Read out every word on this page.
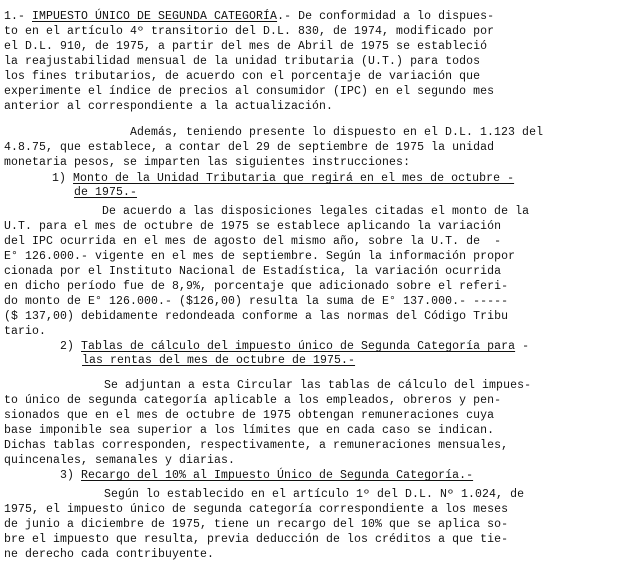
1.- IMPUESTO ÚNICO DE SEGUNDA CATEGORÍA.- De conformidad a lo dispues-
to en el artículo 4º transitorio del D.L. 830, de 1974, modificado por
el D.L. 910, de 1975, a partir del mes de Abril de 1975 se estableció
la reajustabilidad mensual de la unidad tributaria (U.T.) para todos
los fines tributarios, de acuerdo con el porcentaje de variación que
experimente el índice de precios al consumidor (IPC) en el segundo mes
anterior al correspondiente a la actualización.
Además, teniendo presente lo dispuesto en el D.L. 1.123 del
4.8.75, que establece, a contar del 29 de septiembre de 1975 la unidad
monetaria pesos, se imparten las siguientes instrucciones:
1) Monto de la Unidad Tributaria que regirá en el mes de octubre -
de 1975.-
De acuerdo a las disposiciones legales citadas el monto de la
U.T. para el mes de octubre de 1975 se establece aplicando la variación
del IPC ocurrida en el mes de agosto del mismo año, sobre la U.T. de  -
E° 126.000.- vigente en el mes de septiembre. Según la información propor
cionada por el Instituto Nacional de Estadística, la variación ocurrida
en dicho período fue de 8,9%, porcentaje que adicionado sobre el referi-
do monto de E° 126.000.- ($126,00) resulta la suma de E° 137.000.- -----
($ 137,00) debidamente redondeada conforme a las normas del Código Tribu
tario.
2) Tablas de cálculo del impuesto único de Segunda Categoría para -
las rentas del mes de octubre de 1975.-
Se adjuntan a esta Circular las tablas de cálculo del impues-
to único de segunda categoría aplicable a los empleados, obreros y pen-
sionados que en el mes de octubre de 1975 obtengan remuneraciones cuya
base imponible sea superior a los límites que en cada caso se indican.
Dichas tablas corresponden, respectivamente, a remuneraciones mensuales,
quincenales, semanales y diarias.
3) Recargo del 10% al Impuesto Único de Segunda Categoría.-
Según lo establecido en el artículo 1º del D.L. Nº 1.024, de
1975, el impuesto único de segunda categoría correspondiente a los meses
de junio a diciembre de 1975, tiene un recargo del 10% que se aplica so-
bre el impuesto que resulta, previa deducción de los créditos a que tie-
ne derecho cada contribuyente.
